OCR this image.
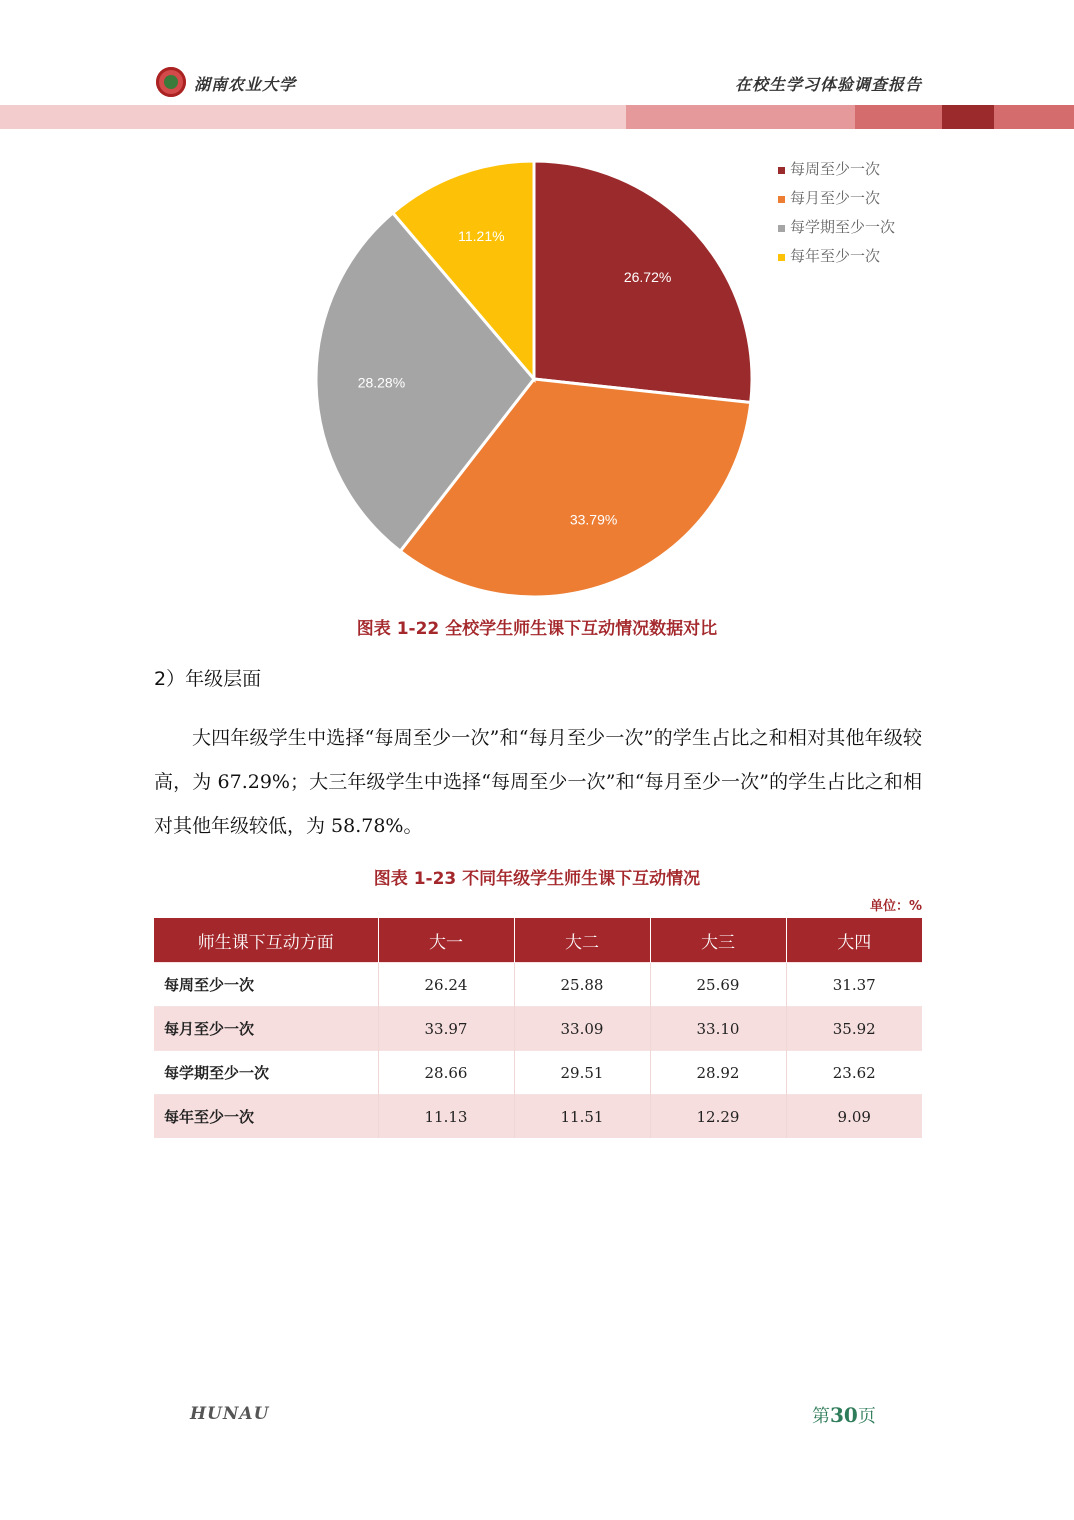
湖南农业大学	在校生学习体验调查报告
26.72%
33.79%
28.28%
11.21%
每周至少一次
每月至少一次
每学期至少一次
每年至少一次
图表 1-22 全校学生师生课下互动情况数据对比
2）年级层面
大四年级学生中选择“每周至少一次”和“每月至少一次”的学生占比之和相对其他年级较高，为 67.29%；大三年级学生中选择“每周至少一次”和“每月至少一次”的学生占比之和相对其他年级较低，为 58.78%。
图表 1-23 不同年级学生师生课下互动情况
单位：%
师生课下互动方面	大一	大二	大三	大四
每周至少一次	26.24	25.88	25.69	31.37
每月至少一次	33.97	33.09	33.10	35.92
每学期至少一次	28.66	29.51	28.92	23.62
每年至少一次	11.13	11.51	12.29	9.09
HUNAU	第30页
